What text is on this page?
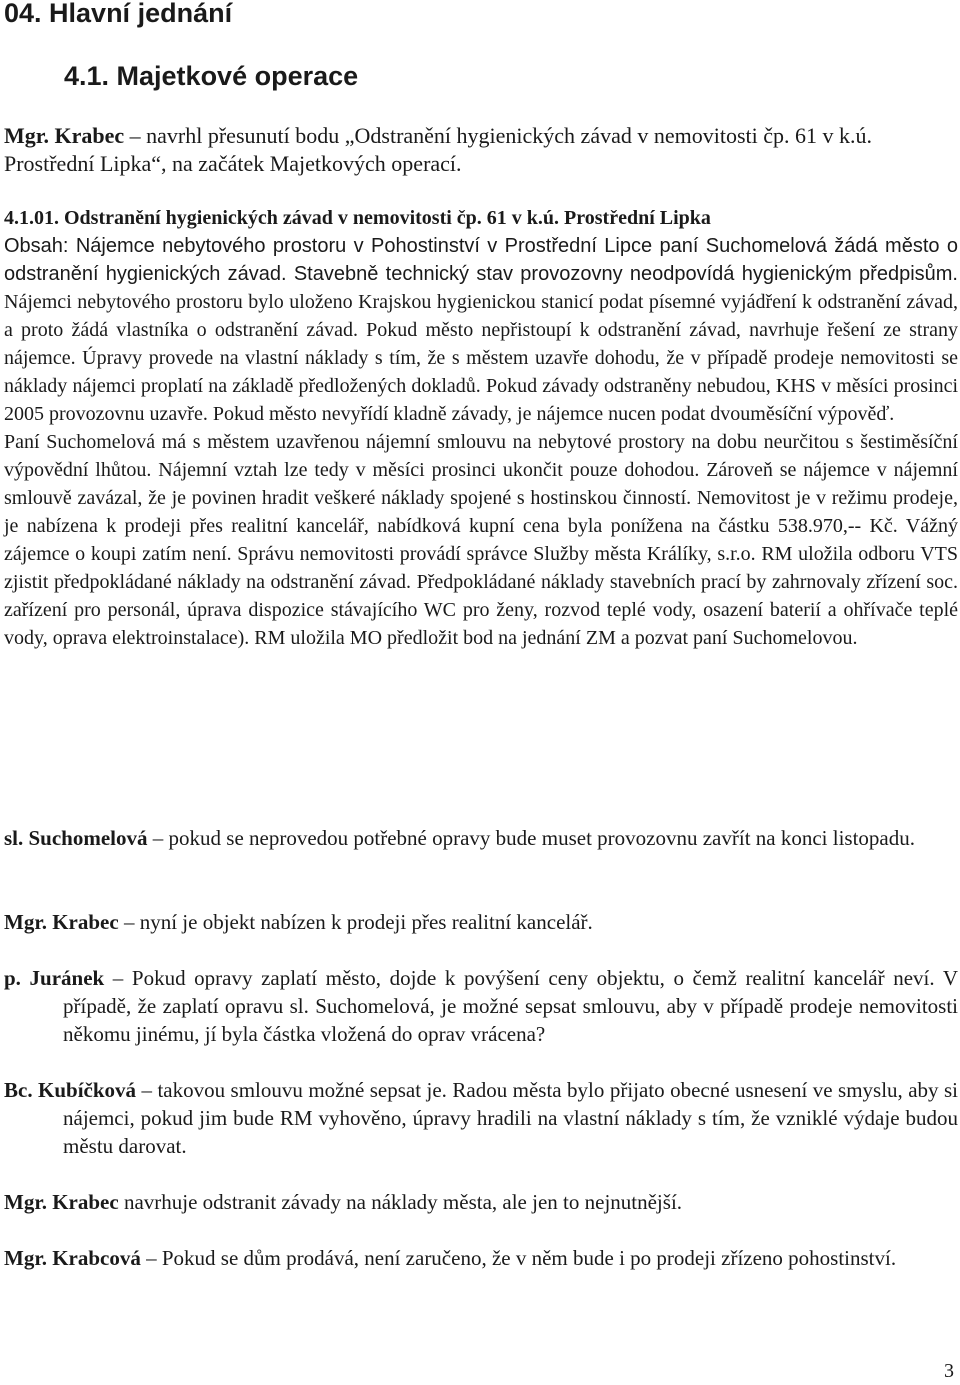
04. Hlavní jednání
4.1. Majetkové operace

Mgr. Krabec – navrhl přesunutí bodu „Odstranění hygienických závad v nemovitosti čp. 61 v k.ú. Prostřední Lipka“, na začátek Majetkových operací.

4.1.01. Odstranění hygienických závad v nemovitosti čp. 61 v k.ú. Prostřední Lipka

Obsah: Nájemce nebytového prostoru v Pohostinství v Prostřední Lipce paní Suchomelová žádá město o odstranění hygienických závad. Stavebně technický stav provozovny neodpovídá hygienickým předpisům. Nájemci nebytového prostoru bylo uloženo Krajskou hygienickou stanicí podat písemné vyjádření k odstranění závad, a proto žádá vlastníka o odstranění závad. Pokud město nepřistoupí k odstranění závad, navrhuje řešení ze strany nájemce. Úpravy provede na vlastní náklady s tím, že s městem uzavře dohodu, že v případě prodeje nemovitosti se náklady nájemci proplatí na základě předložených dokladů. Pokud závady odstraněny nebudou, KHS v měsíci prosinci 2005 provozovnu uzavře. Pokud město nevyřídí kladně závady, je nájemce nucen podat dvouměsíční výpověď.

Paní Suchomelová má s městem uzavřenou nájemní smlouvu na nebytové prostory na dobu neurčitou s šestiměsíční výpovědní lhůtou. Nájemní vztah lze tedy v měsíci prosinci ukončit pouze dohodou. Zároveň se nájemce v nájemní smlouvě zavázal, že je povinen hradit veškeré náklady spojené s hostinskou činností. Nemovitost je v režimu prodeje, je nabízena k prodeji přes realitní kancelář, nabídková kupní cena byla ponížena na částku 538.970,-- Kč. Vážný zájemce o koupi zatím není. Správu nemovitosti provádí správce Služby města Králíky, s.r.o. RM uložila odboru VTS zjistit předpokládané náklady na odstranění závad. Předpokládané náklady stavebních prací by zahrnovaly zřízení soc. zařízení pro personál, úprava dispozice stávajícího WC pro ženy, rozvod teplé vody, osazení baterií a ohřívače teplé vody, oprava elektroinstalace). RM uložila MO předložit bod na jednání ZM a pozvat paní Suchomelovou.

sl. Suchomelová – pokud se neprovedou potřebné opravy bude muset provozovnu zavřít na konci listopadu.

Mgr. Krabec – nyní je objekt nabízen k prodeji přes realitní kancelář.

p. Juránek – Pokud opravy zaplatí město, dojde k povýšení ceny objektu, o čemž realitní kancelář neví. V případě, že zaplatí opravu sl. Suchomelová, je možné sepsat smlouvu, aby v případě prodeje nemovitosti někomu jinému, jí byla částka vložená do oprav vrácena?

Bc. Kubíčková – takovou smlouvu možné sepsat je. Radou města bylo přijato obecné usnesení ve smyslu, aby si nájemci, pokud jim bude RM vyhověno, úpravy hradili na vlastní náklady s tím, že vzniklé výdaje budou městu darovat.

Mgr. Krabec navrhuje odstranit závady na náklady města, ale jen to nejnutnější.

Mgr. Krabcová – Pokud se dům prodává, není zaručeno, že v něm bude i po prodeji zřízeno pohostinství.

3
